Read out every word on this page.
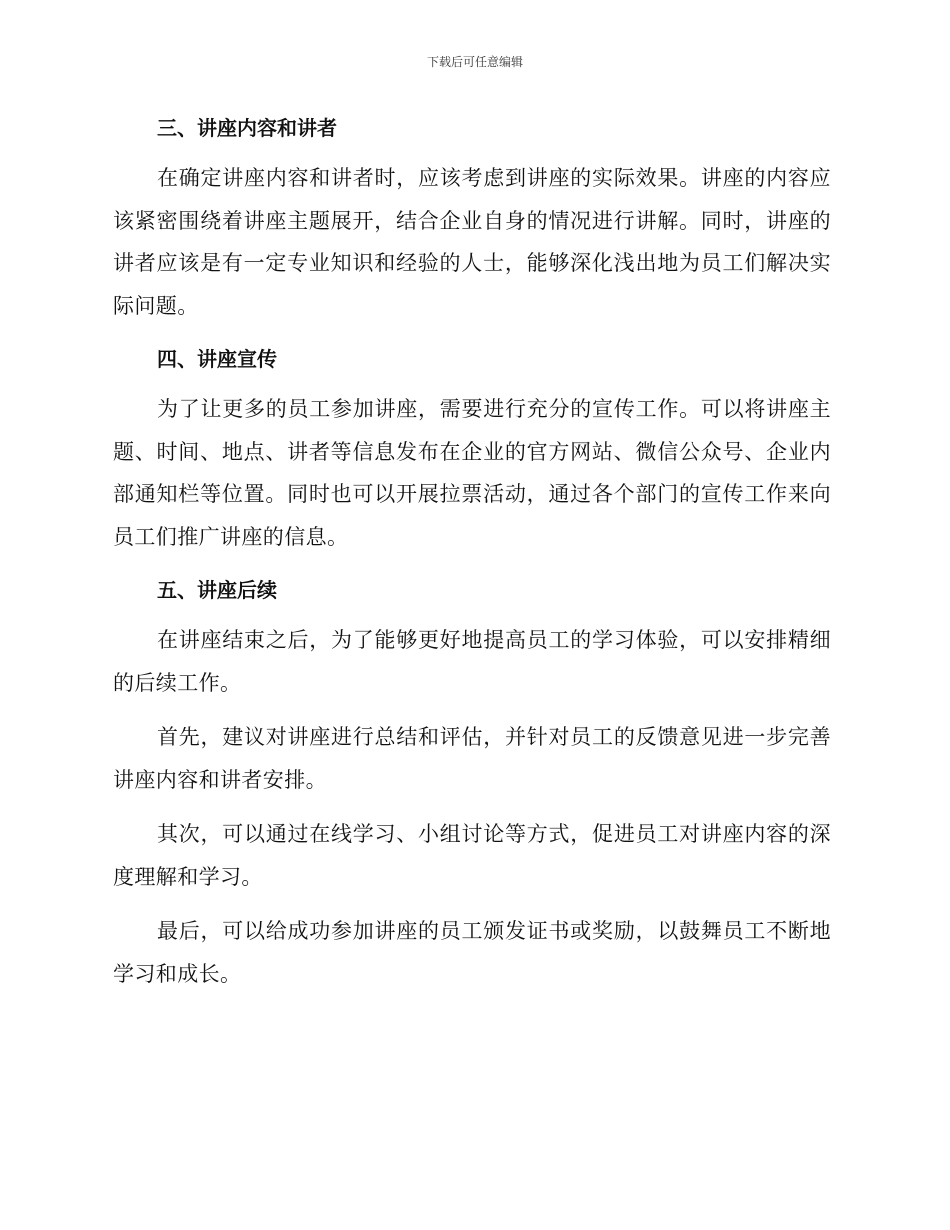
下载后可任意编辑
三、讲座内容和讲者

在确定讲座内容和讲者时，应该考虑到讲座的实际效果。讲座的内容应该紧密围绕着讲座主题展开，结合企业自身的情况进行讲解。同时，讲座的讲者应该是有一定专业知识和经验的人士，能够深化浅出地为员工们解决实际问题。

四、讲座宣传

为了让更多的员工参加讲座，需要进行充分的宣传工作。可以将讲座主题、时间、地点、讲者等信息发布在企业的官方网站、微信公众号、企业内部通知栏等位置。同时也可以开展拉票活动，通过各个部门的宣传工作来向员工们推广讲座的信息。

五、讲座后续

在讲座结束之后，为了能够更好地提高员工的学习体验，可以安排精细的后续工作。

首先，建议对讲座进行总结和评估，并针对员工的反馈意见进一步完善讲座内容和讲者安排。

其次，可以通过在线学习、小组讨论等方式，促进员工对讲座内容的深度理解和学习。

最后，可以给成功参加讲座的员工颁发证书或奖励，以鼓舞员工不断地学习和成长。
